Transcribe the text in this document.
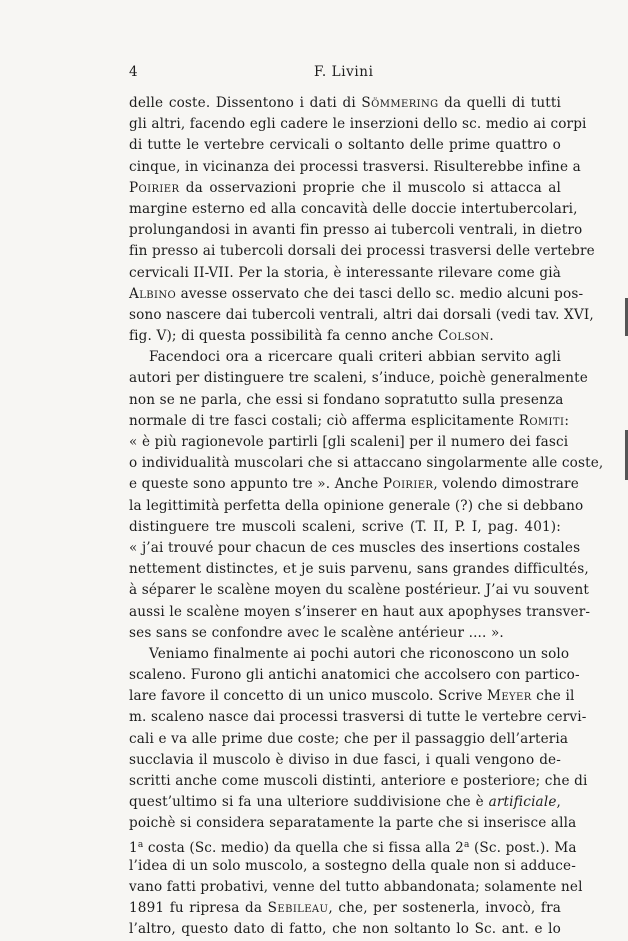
4	F. Livini
delle coste. Dissentono i dati di Sömmering da quelli di tutti
gli altri, facendo egli cadere le inserzioni dello sc. medio ai corpi
di tutte le vertebre cervicali o soltanto delle prime quattro o
cinque, in vicinanza dei processi trasversi. Risulterebbe infine a
Poirier da osservazioni proprie che il muscolo si attacca al
margine esterno ed alla concavità delle doccie intertubercolari,
prolungandosi in avanti fin presso ai tubercoli ventrali, in dietro
fin presso ai tubercoli dorsali dei processi trasversi delle vertebre
cervicali II-VII. Per la storia, è interessante rilevare come già
Albino avesse osservato che dei tasci dello sc. medio alcuni pos-
sono nascere dai tubercoli ventrali, altri dai dorsali (vedi tav. XVI,
fig. V); di questa possibilità fa cenno anche Colson.
Facendoci ora a ricercare quali criteri abbian servito agli
autori per distinguere tre scaleni, s’induce, poichè generalmente
non se ne parla, che essi si fondano sopratutto sulla presenza
normale di tre fasci costali; ciò afferma esplicitamente Romiti:
« è più ragionevole partirli [gli scaleni] per il numero dei fasci
o individualità muscolari che si attaccano singolarmente alle coste,
e queste sono appunto tre ». Anche Poirier, volendo dimostrare
la legittimità perfetta della opinione generale (?) che si debbano
distinguere tre muscoli scaleni, scrive (T. II, P. I, pag. 401):
« j’ai trouvé pour chacun de ces muscles des insertions costales
nettement distinctes, et je suis parvenu, sans grandes difficultés,
à séparer le scalène moyen du scalène postérieur. J’ai vu souvent
aussi le scalène moyen s’inserer en haut aux apophyses transver-
ses sans se confondre avec le scalène antérieur .... ».
Veniamo finalmente ai pochi autori che riconoscono un solo
scaleno. Furono gli antichi anatomici che accolsero con partico-
lare favore il concetto di un unico muscolo. Scrive Meyer che il
m. scaleno nasce dai processi trasversi di tutte le vertebre cervi-
cali e va alle prime due coste; che per il passaggio dell’arteria
succlavia il muscolo è diviso in due fasci, i quali vengono de-
scritti anche come muscoli distinti, anteriore e posteriore; che di
quest’ultimo si fa una ulteriore suddivisione che è artificiale,
poichè si considera separatamente la parte che si inserisce alla
1$^a$ costa (Sc. medio) da quella che si fissa alla 2$^a$ (Sc. post.). Ma
l’idea di un solo muscolo, a sostegno della quale non si adduce-
vano fatti probativi, venne del tutto abbandonata; solamente nel
1891 fu ripresa da Sebileau, che, per sostenerla, invocò, fra
l’altro, questo dato di fatto, che non soltanto lo Sc. ant. e lo
